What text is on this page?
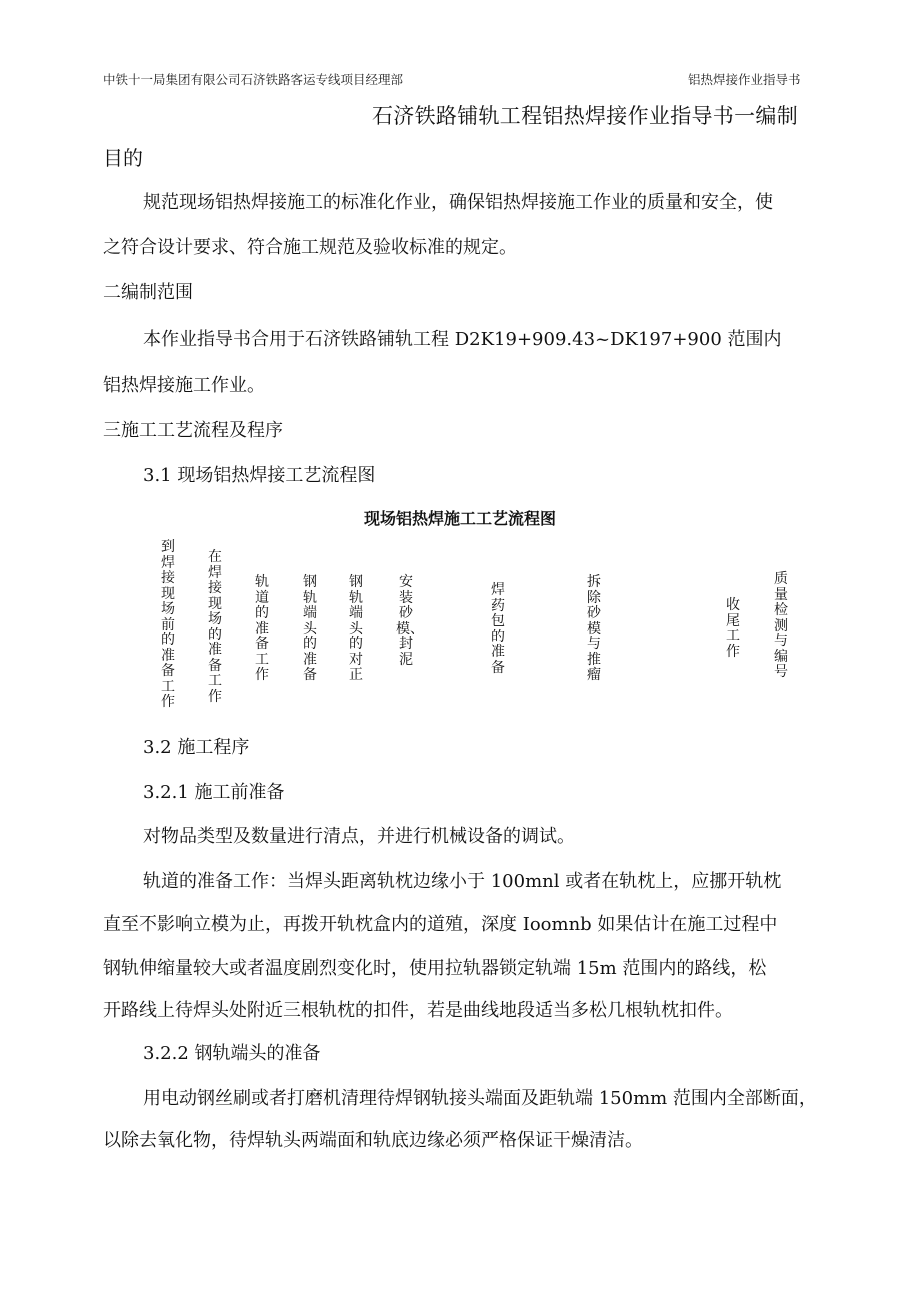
中铁十一局集团有限公司石济铁路客运专线项目经理部	铝热焊接作业指导书
石济铁路铺轨工程铝热焊接作业指导书一编制
目的
规范现场铝热焊接施工的标准化作业，确保铝热焊接施工作业的质量和安全，使
之符合设计要求、符合施工规范及验收标准的规定。
二编制范围
本作业指导书合用于石济铁路铺轨工程 D2K19+909.43~DK197+900 范围内
铝热焊接施工作业。
三施工工艺流程及程序
3.1 现场铝热焊接工艺流程图
现场铝热焊施工工艺流程图
到焊接现场前的准备工作
在焊接现场的准备工作
轨道的准备工作
钢轨端头的准备
钢轨端头的对正
安装砂模、封泥
焊药包的准备
拆除砂模与推瘤
收尾工作
质量检测与编号
3.2 施工程序
3.2.1 施工前准备
对物品类型及数量进行清点，并进行机械设备的调试。
轨道的准备工作：当焊头距离轨枕边缘小于 100mnl 或者在轨枕上，应挪开轨枕
直至不影响立模为止，再拨开轨枕盒内的道殖，深度 Ioomnb 如果估计在施工过程中
钢轨伸缩量较大或者温度剧烈变化时，使用拉轨器锁定轨端 15m 范围内的路线，松
开路线上待焊头处附近三根轨枕的扣件，若是曲线地段适当多松几根轨枕扣件。
3.2.2 钢轨端头的准备
用电动钢丝刷或者打磨机清理待焊钢轨接头端面及距轨端 150mm 范围内全部断面，
以除去氧化物，待焊轨头两端面和轨底边缘必须严格保证干燥清洁。
